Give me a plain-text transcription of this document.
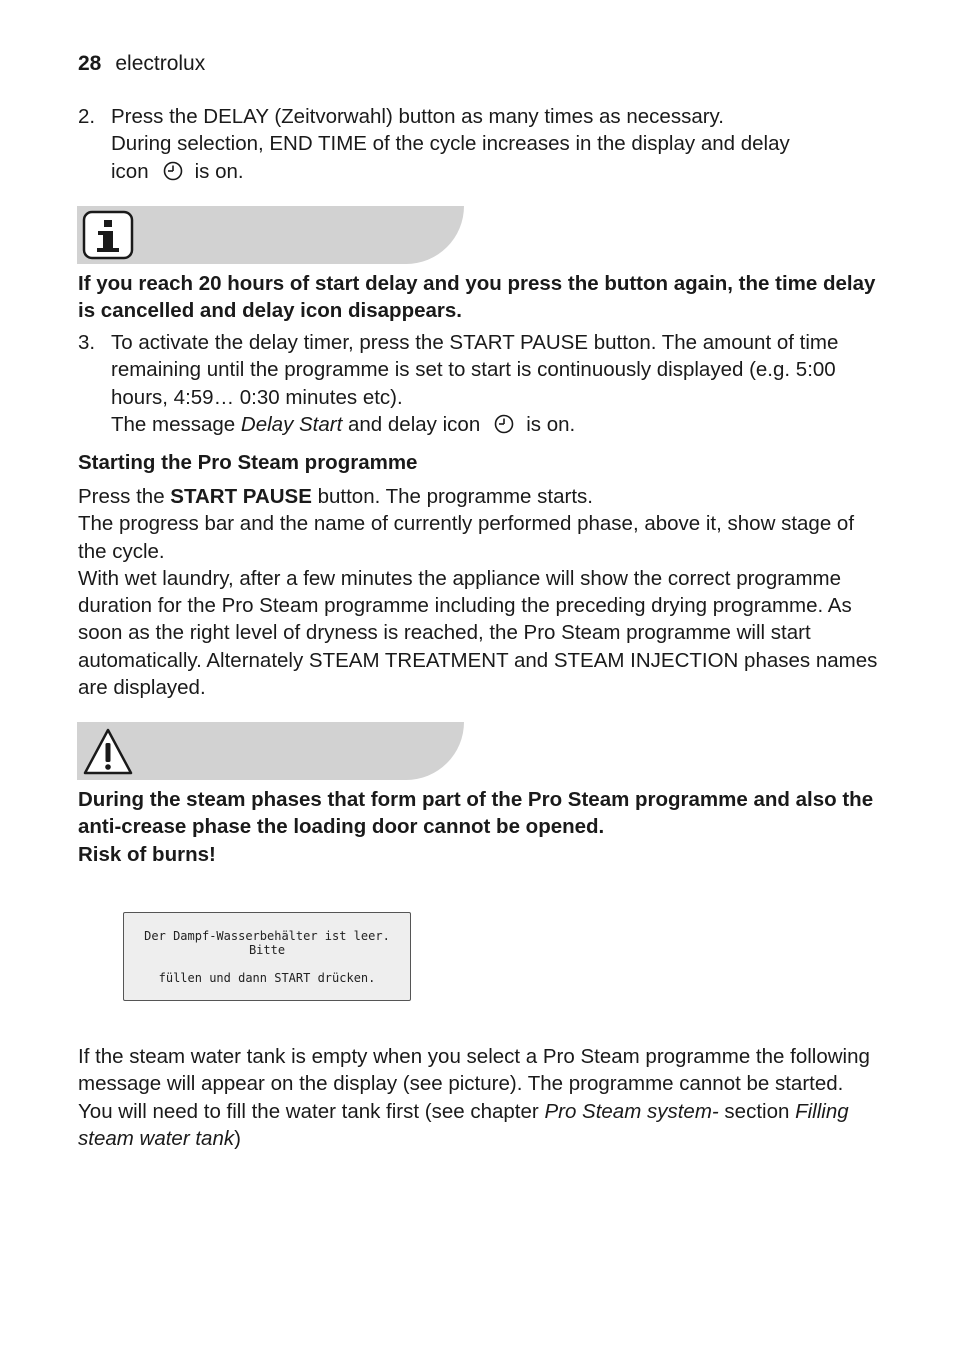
28 electrolux
2. Press the DELAY (Zeitvorwahl) button as many times as necessary.

During selection, END TIME of the cycle increases in the display and delay

icon is on.

If you reach 20 hours of start delay and you press the button again, the time delay is cancelled and delay icon disappears.

3. To activate the delay timer, press the START PAUSE button. The amount of time remaining until the programme is set to start is continuously displayed (e.g. 5:00 hours, 4:59… 0:30 minutes etc).

The message Delay Start and delay icon is on.

Starting the Pro Steam programme

Press the START PAUSE button. The programme starts.

The progress bar and the name of currently performed phase, above it, show stage of the cycle.

With wet laundry, after a few minutes the appliance will show the correct programme duration for the Pro Steam programme including the preceding drying programme. As soon as the right level of dryness is reached, the Pro Steam programme will start automatically. Alternately STEAM TREATMENT and STEAM INJECTION phases names are displayed.

During the steam phases that form part of the Pro Steam programme and also the anti-crease phase the loading door cannot be opened.

Risk of burns!

Der Dampf-Wasserbehälter ist leer. Bitte
füllen und dann START drücken.

If the steam water tank is empty when you select a Pro Steam programme the following message will appear on the display (see picture). The programme cannot be started. You will need to fill the water tank first (see chapter Pro Steam system- section Filling steam water tank)
